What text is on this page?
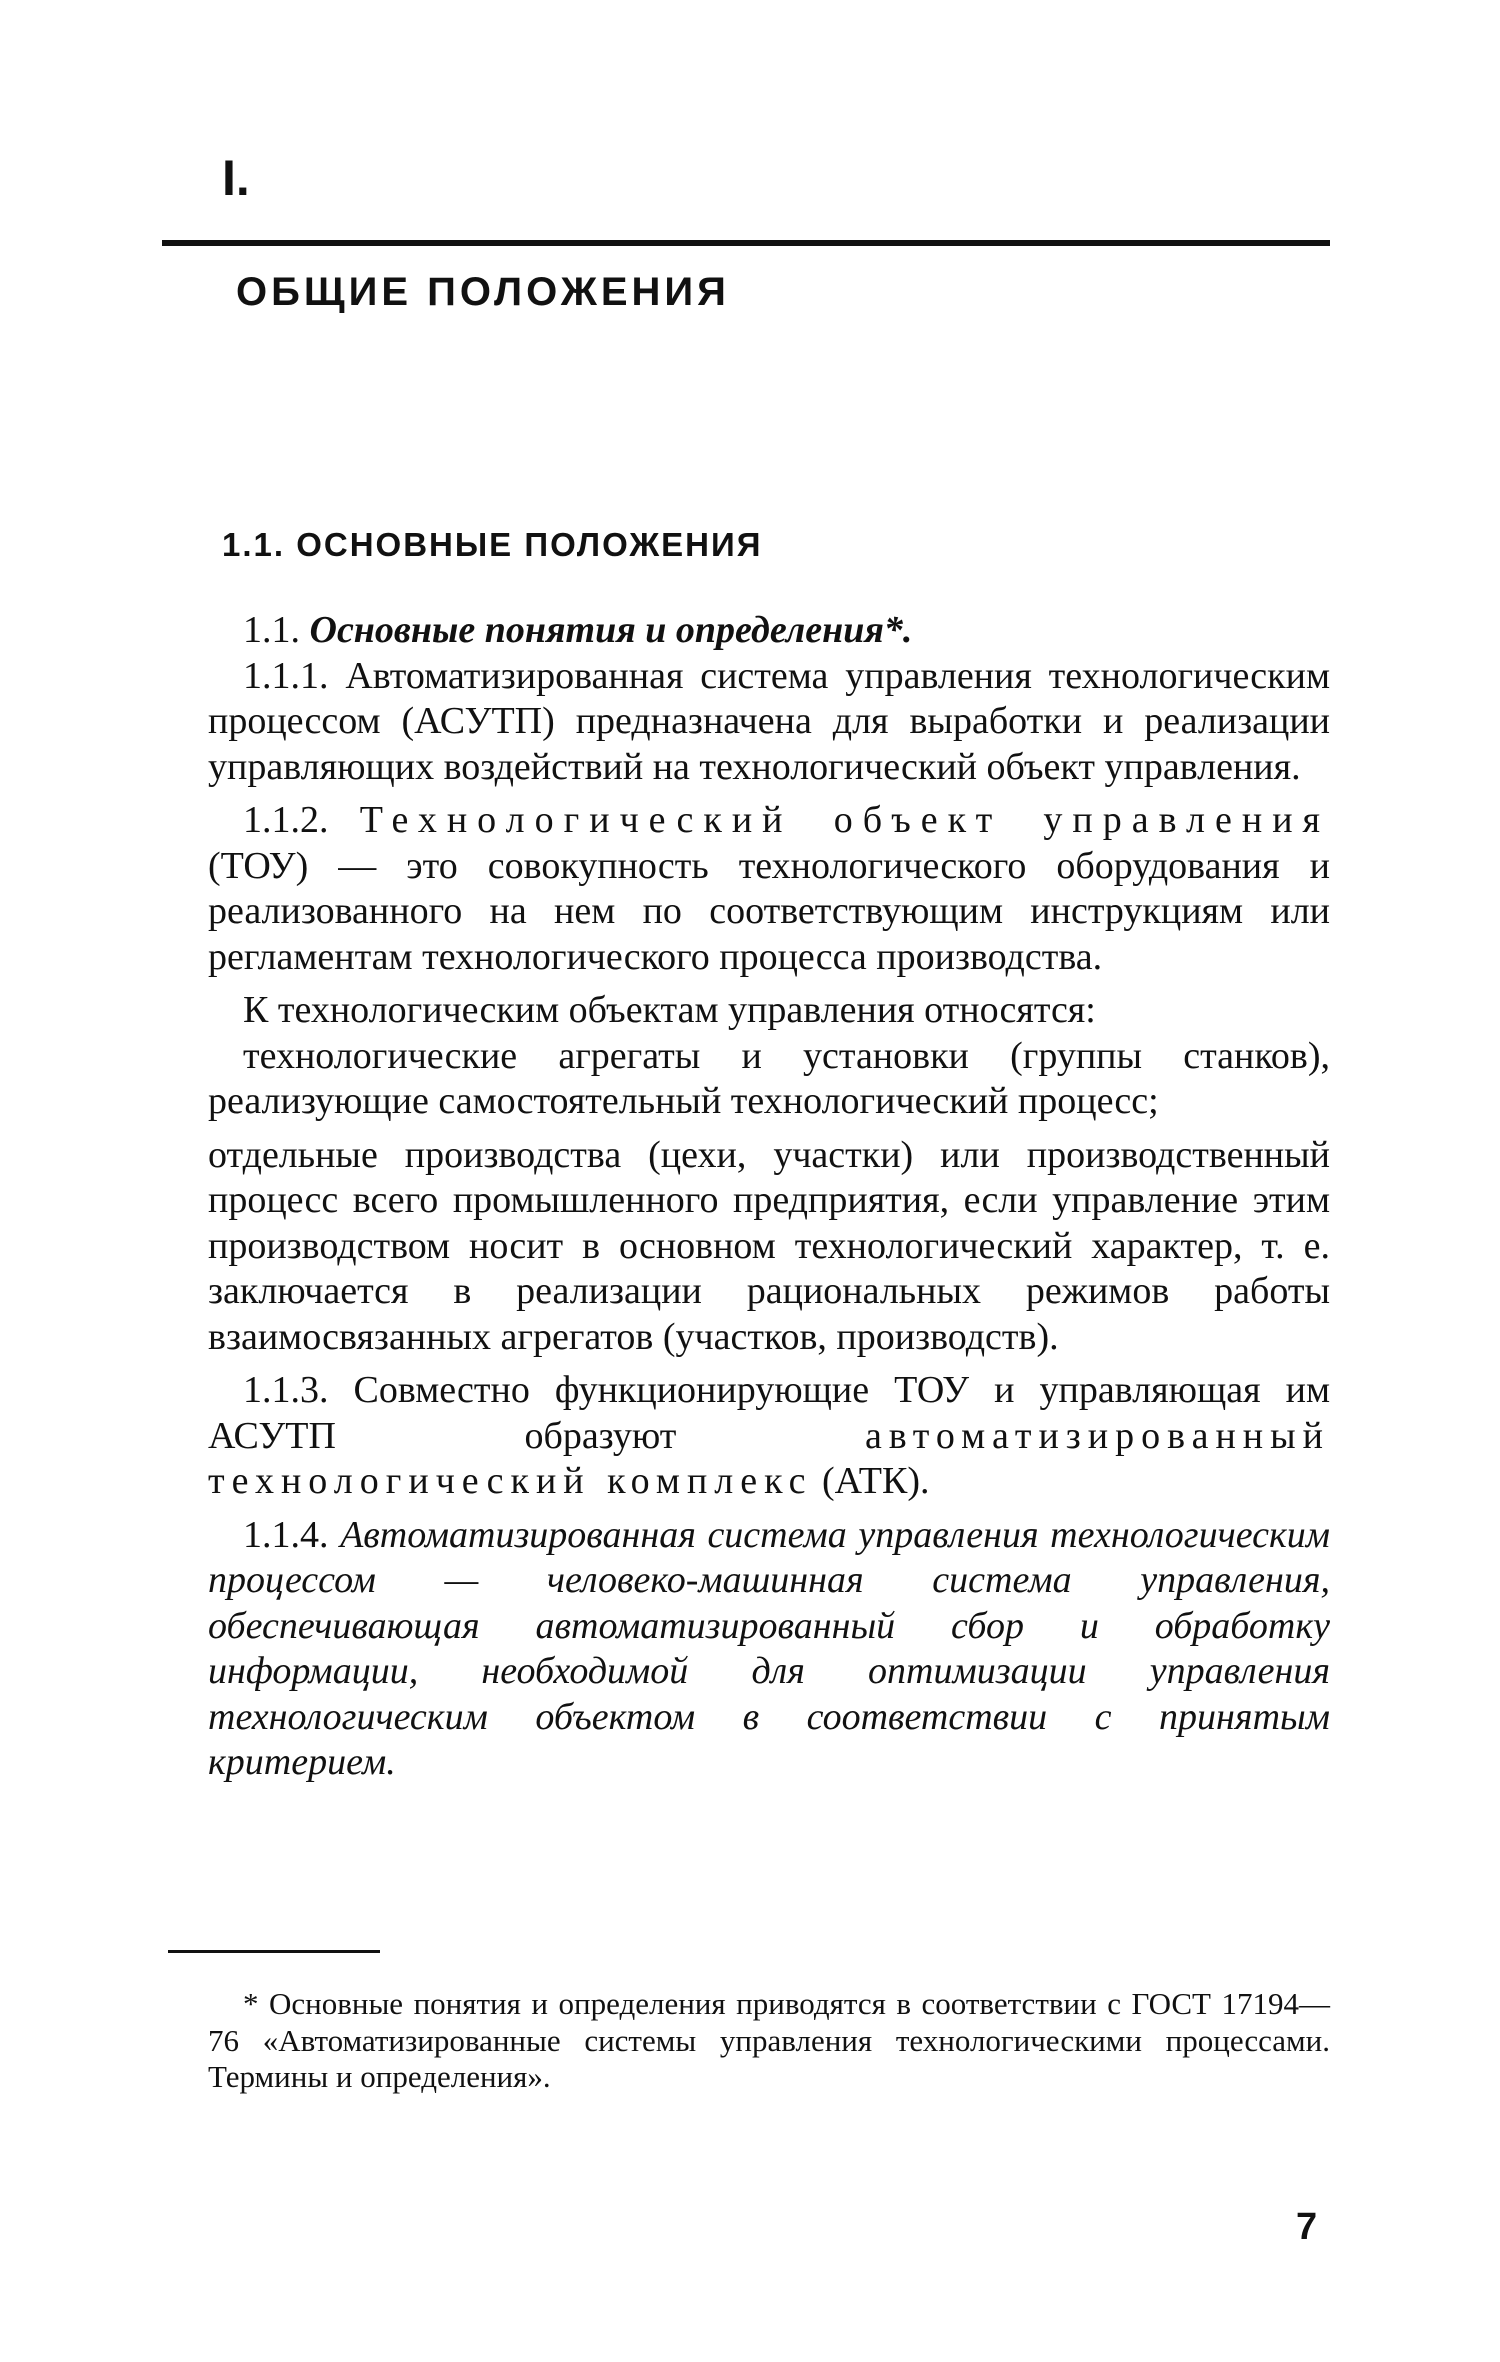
I.
ОБЩИЕ ПОЛОЖЕНИЯ
1.1. ОСНОВНЫЕ ПОЛОЖЕНИЯ

1.1. Основные понятия и определения*.

1.1.1. Автоматизированная система управления технологическим процессом (АСУТП) предназначена для выработки и реализации управляющих воздействий на технологический объект управления.

1.1.2. Технологический объект управления (ТОУ) — это совокупность технологического оборудования и реализованного на нем по соответствующим инструкциям или регламентам технологического процесса производства.

К технологическим объектам управления относятся:

технологические агрегаты и установки (группы станков), реализующие самостоятельный технологический процесс;

отдельные производства (цехи, участки) или производственный процесс всего промышленного предприятия, если управление этим производством носит в основном технологический характер, т. е. заключается в реализации рациональных режимов работы взаимосвязанных агрегатов (участков, производств).

1.1.3. Совместно функционирующие ТОУ и управляющая им АСУТП образуют	автоматизированный технологический комплекс (АТК).

1.1.4. Автоматизированная система управления технологическим процессом — человеко-машинная система управления, обеспечивающая автоматизированный сбор и обработку информации, необходимой для оптимизации управления технологическим объектом в соответствии с принятым критерием.

* Основные понятия и определения приводятся в соответствии с ГОСТ 17194—76 «Автоматизированные системы управления технологическими процессами. Термины и определения».

7
